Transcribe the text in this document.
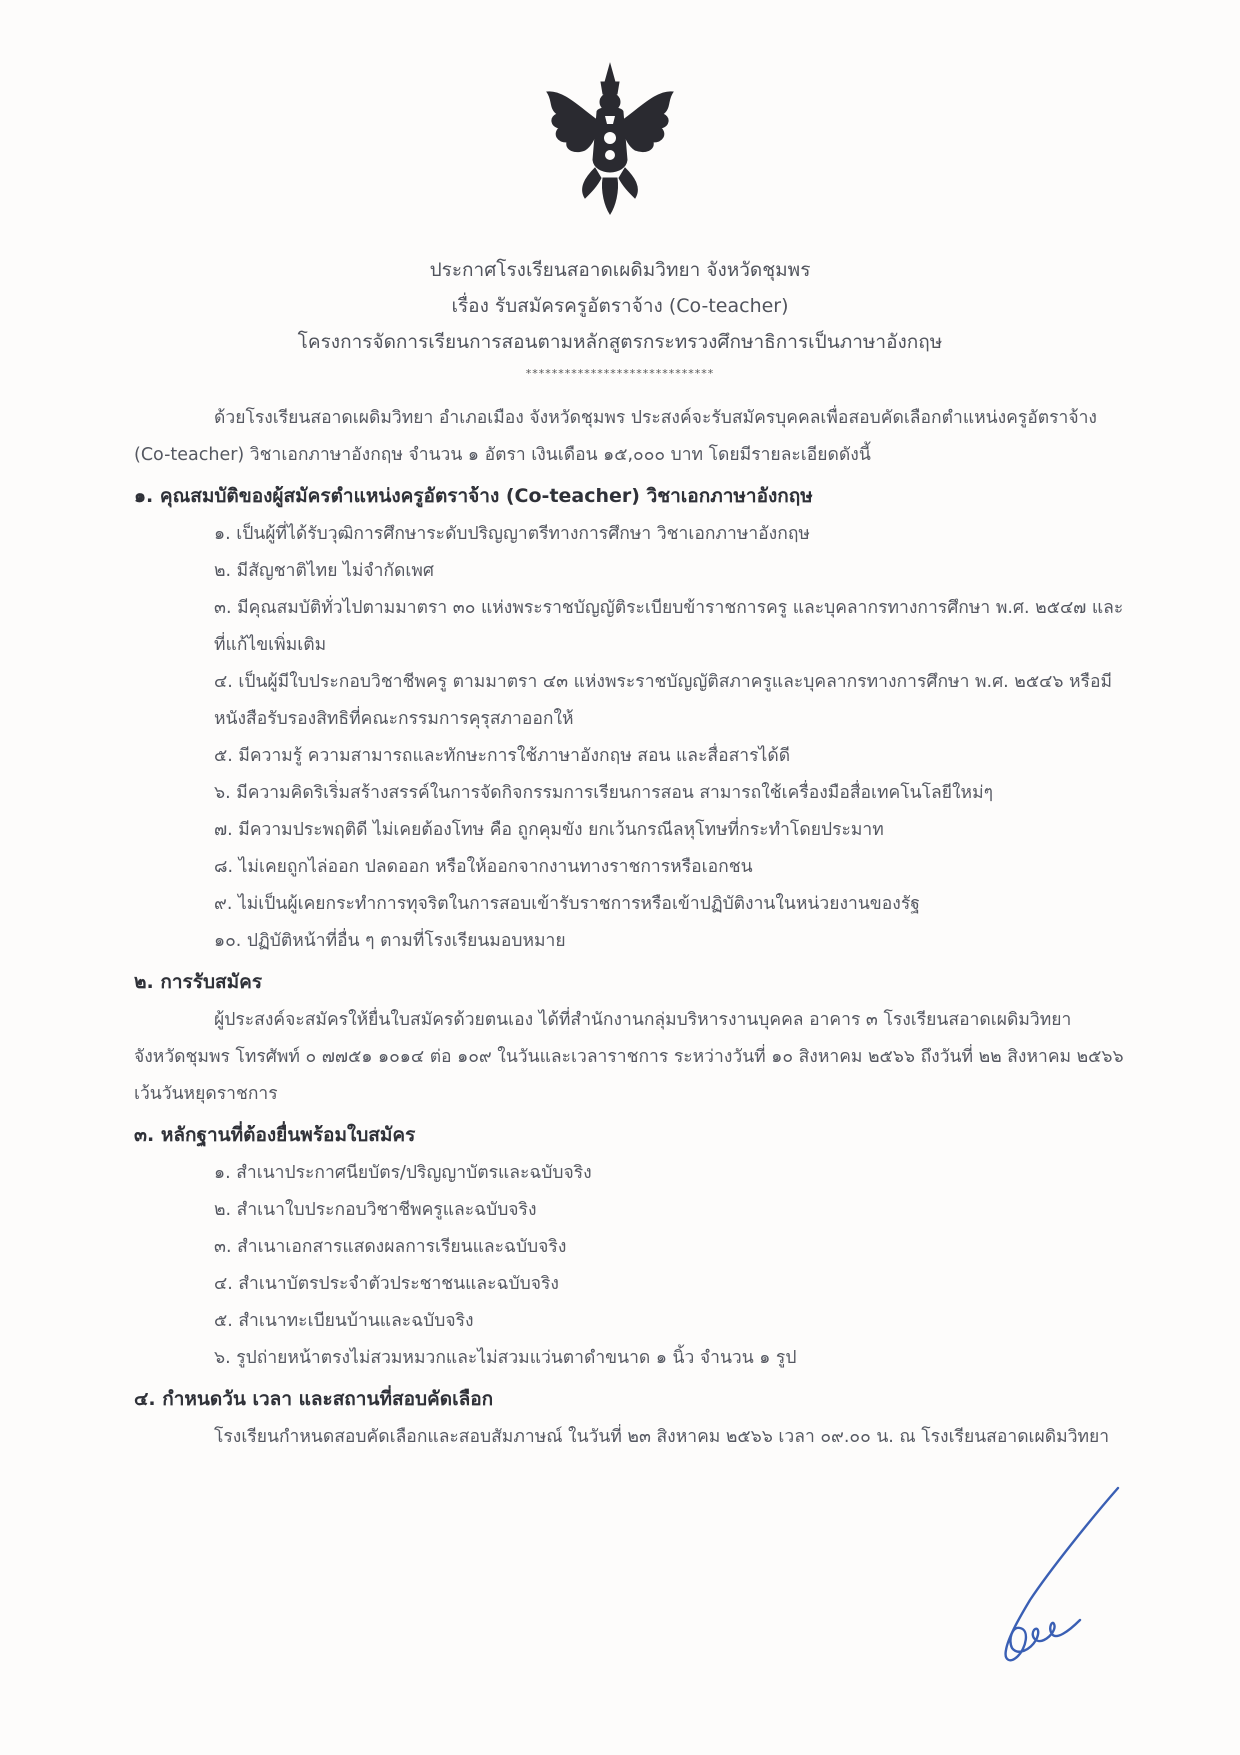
ประกาศโรงเรียนสอาดเผดิมวิทยา จังหวัดชุมพร
เรื่อง รับสมัครครูอัตราจ้าง (Co-teacher)
โครงการจัดการเรียนการสอนตามหลักสูตรกระทรวงศึกษาธิการเป็นภาษาอังกฤษ
*****************************
ด้วยโรงเรียนสอาดเผดิมวิทยา อำเภอเมือง จังหวัดชุมพร ประสงค์จะรับสมัครบุคคลเพื่อสอบคัดเลือกตำแหน่งครูอัตราจ้าง (Co-teacher) วิชาเอกภาษาอังกฤษ จำนวน ๑ อัตรา เงินเดือน ๑๕,๐๐๐ บาท โดยมีรายละเอียดดังนี้
๑. คุณสมบัติของผู้สมัครตำแหน่งครูอัตราจ้าง (Co-teacher) วิชาเอกภาษาอังกฤษ
๑. เป็นผู้ที่ได้รับวุฒิการศึกษาระดับปริญญาตรีทางการศึกษา วิชาเอกภาษาอังกฤษ
๒. มีสัญชาติไทย ไม่จำกัดเพศ
๓. มีคุณสมบัติทั่วไปตามมาตรา ๓๐ แห่งพระราชบัญญัติระเบียบข้าราชการครู และบุคลากรทางการศึกษา พ.ศ. ๒๕๔๗ และที่แก้ไขเพิ่มเติม
๔. เป็นผู้มีใบประกอบวิชาชีพครู ตามมาตรา ๔๓ แห่งพระราชบัญญัติสภาครูและบุคลากรทางการศึกษา พ.ศ. ๒๕๔๖ หรือมีหนังสือรับรองสิทธิที่คณะกรรมการคุรุสภาออกให้
๕. มีความรู้ ความสามารถและทักษะการใช้ภาษาอังกฤษ สอน และสื่อสารได้ดี
๖. มีความคิดริเริ่มสร้างสรรค์ในการจัดกิจกรรมการเรียนการสอน สามารถใช้เครื่องมือสื่อเทคโนโลยีใหม่ๆ
๗. มีความประพฤติดี ไม่เคยต้องโทษ คือ ถูกคุมขัง ยกเว้นกรณีลหุโทษที่กระทำโดยประมาท
๘. ไม่เคยถูกไล่ออก ปลดออก หรือให้ออกจากงานทางราชการหรือเอกชน
๙. ไม่เป็นผู้เคยกระทำการทุจริตในการสอบเข้ารับราชการหรือเข้าปฏิบัติงานในหน่วยงานของรัฐ
๑๐. ปฏิบัติหน้าที่อื่น ๆ ตามที่โรงเรียนมอบหมาย
๒. การรับสมัคร
ผู้ประสงค์จะสมัครให้ยื่นใบสมัครด้วยตนเอง ได้ที่สำนักงานกลุ่มบริหารงานบุคคล อาคาร ๓ โรงเรียนสอาดเผดิมวิทยา จังหวัดชุมพร โทรศัพท์ ๐ ๗๗๕๑ ๑๐๑๔ ต่อ ๑๐๙ ในวันและเวลาราชการ ระหว่างวันที่ ๑๐ สิงหาคม ๒๕๖๖ ถึงวันที่ ๒๒ สิงหาคม ๒๕๖๖ เว้นวันหยุดราชการ
๓. หลักฐานที่ต้องยื่นพร้อมใบสมัคร
๑. สำเนาประกาศนียบัตร/ปริญญาบัตรและฉบับจริง
๒. สำเนาใบประกอบวิชาชีพครูและฉบับจริง
๓. สำเนาเอกสารแสดงผลการเรียนและฉบับจริง
๔. สำเนาบัตรประจำตัวประชาชนและฉบับจริง
๕. สำเนาทะเบียนบ้านและฉบับจริง
๖. รูปถ่ายหน้าตรงไม่สวมหมวกและไม่สวมแว่นตาดำขนาด ๑ นิ้ว จำนวน ๑ รูป
๔. กำหนดวัน เวลา และสถานที่สอบคัดเลือก
โรงเรียนกำหนดสอบคัดเลือกและสอบสัมภาษณ์ ในวันที่ ๒๓ สิงหาคม ๒๕๖๖ เวลา ๐๙.๐๐ น. ณ โรงเรียนสอาดเผดิมวิทยา
